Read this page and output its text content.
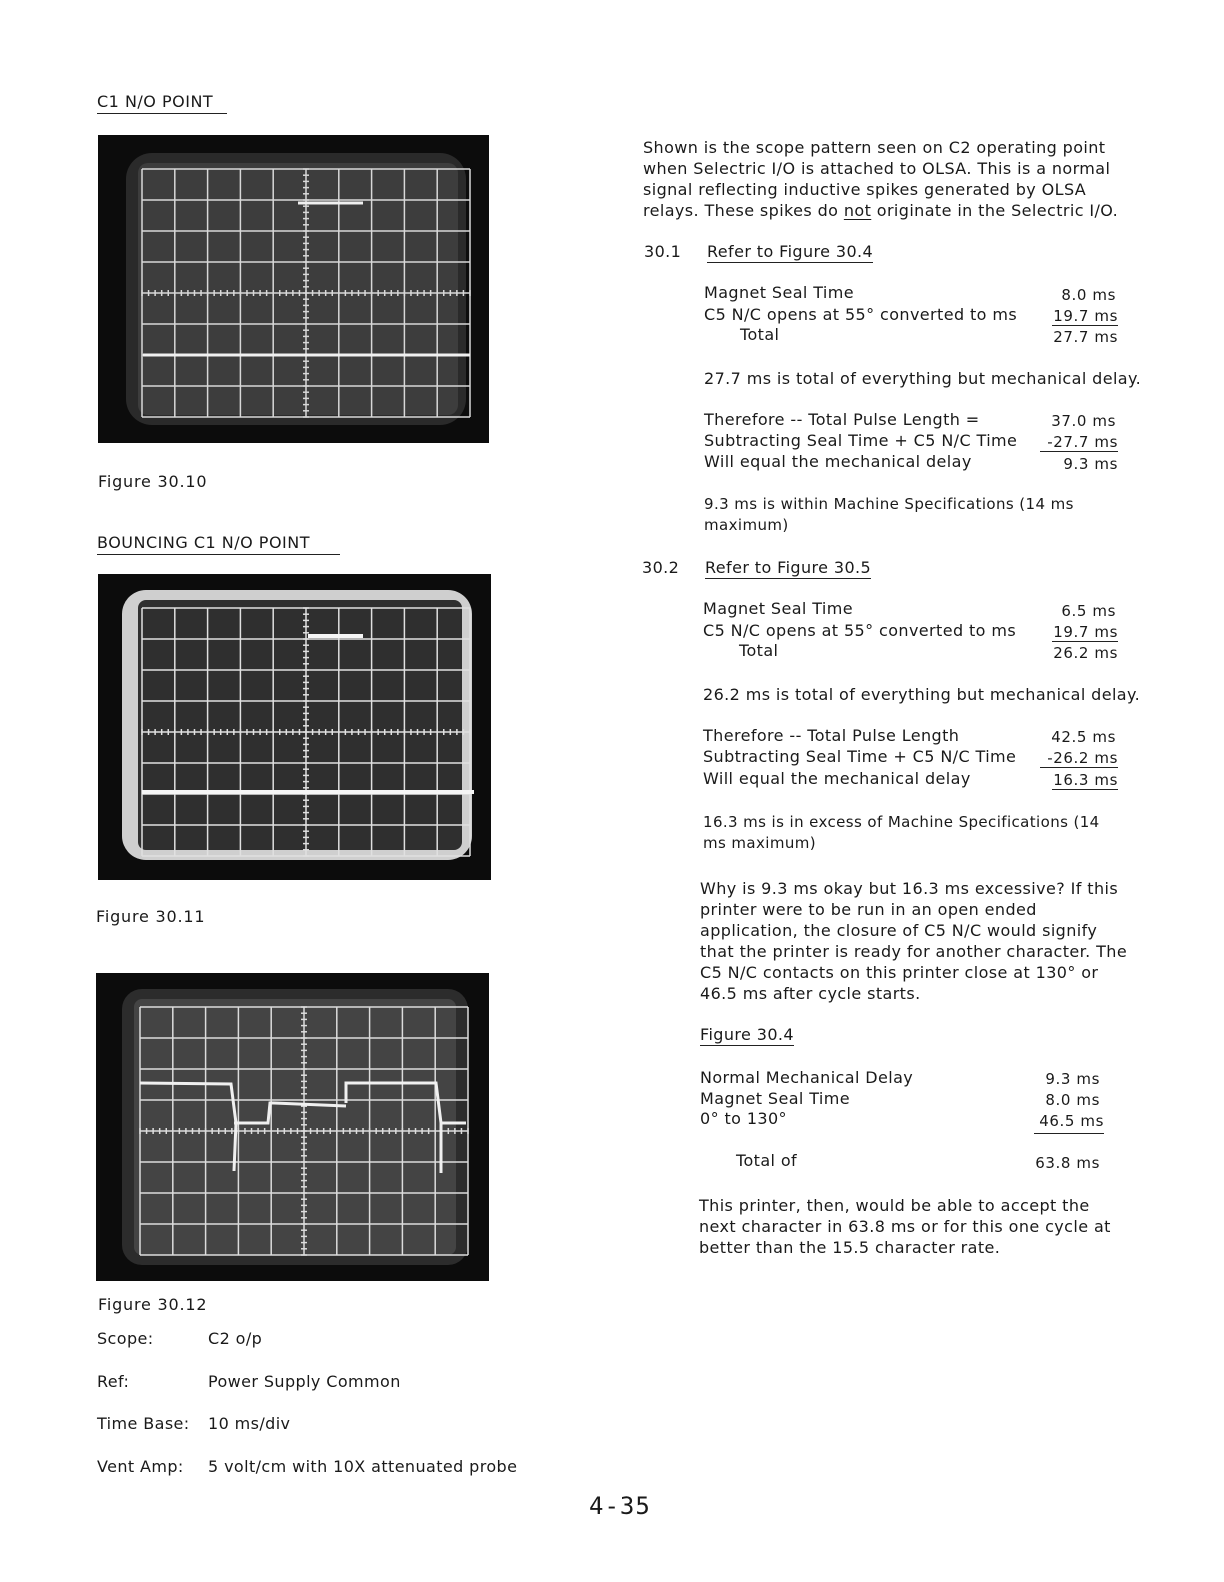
C1 N/O POINT
Figure 30.10
BOUNCING C1 N/O POINT
Figure 30.11
Figure 30.12
Scope:	C2 o/p
Ref:	Power Supply Common
Time Base: 10 ms/div
Vent Amp: 5 volt/cm with 10X attenuated probe
Shown is the scope pattern seen on C2 operating point when Selectric I/O is attached to OLSA. This is a normal signal reflecting inductive spikes generated by OLSA relays. These spikes do not originate in the Selectric I/O.
30.1 Refer to Figure 30.4
Magnet Seal Time	8.0 ms
C5 N/C opens at 55° converted to ms 19.7 ms
Total	27.7 ms
27.7 ms is total of everything but mechanical delay.
Therefore -- Total Pulse Length =	37.0 ms
Subtracting Seal Time + C5 N/C Time	-27.7 ms
Will equal the mechanical delay	9.3 ms
9.3 ms is within Machine Specifications (14 ms maximum)
30.2 Refer to Figure 30.5
Magnet Seal Time	6.5 ms
C5 N/C opens at 55° converted to ms 19.7 ms
Total	26.2 ms
26.2 ms is total of everything but mechanical delay.
Therefore -- Total Pulse Length	42.5 ms
Subtracting Seal Time + C5 N/C Time	-26.2 ms
Will equal the mechanical delay	16.3 ms
16.3 ms is in excess of Machine Specifications (14 ms maximum)
Why is 9.3 ms okay but 16.3 ms excessive? If this printer were to be run in an open ended application, the closure of C5 N/C would signify that the printer is ready for another character. The C5 N/C contacts on this printer close at 130° or 46.5 ms after cycle starts.
Figure 30.4
Normal Mechanical Delay	9.3 ms
Magnet Seal Time	8.0 ms
0° to 130°	46.5 ms
Total of	63.8 ms
This printer, then, would be able to accept the next character in 63.8 ms or for this one cycle at better than the 15.5 character rate.
4-35
